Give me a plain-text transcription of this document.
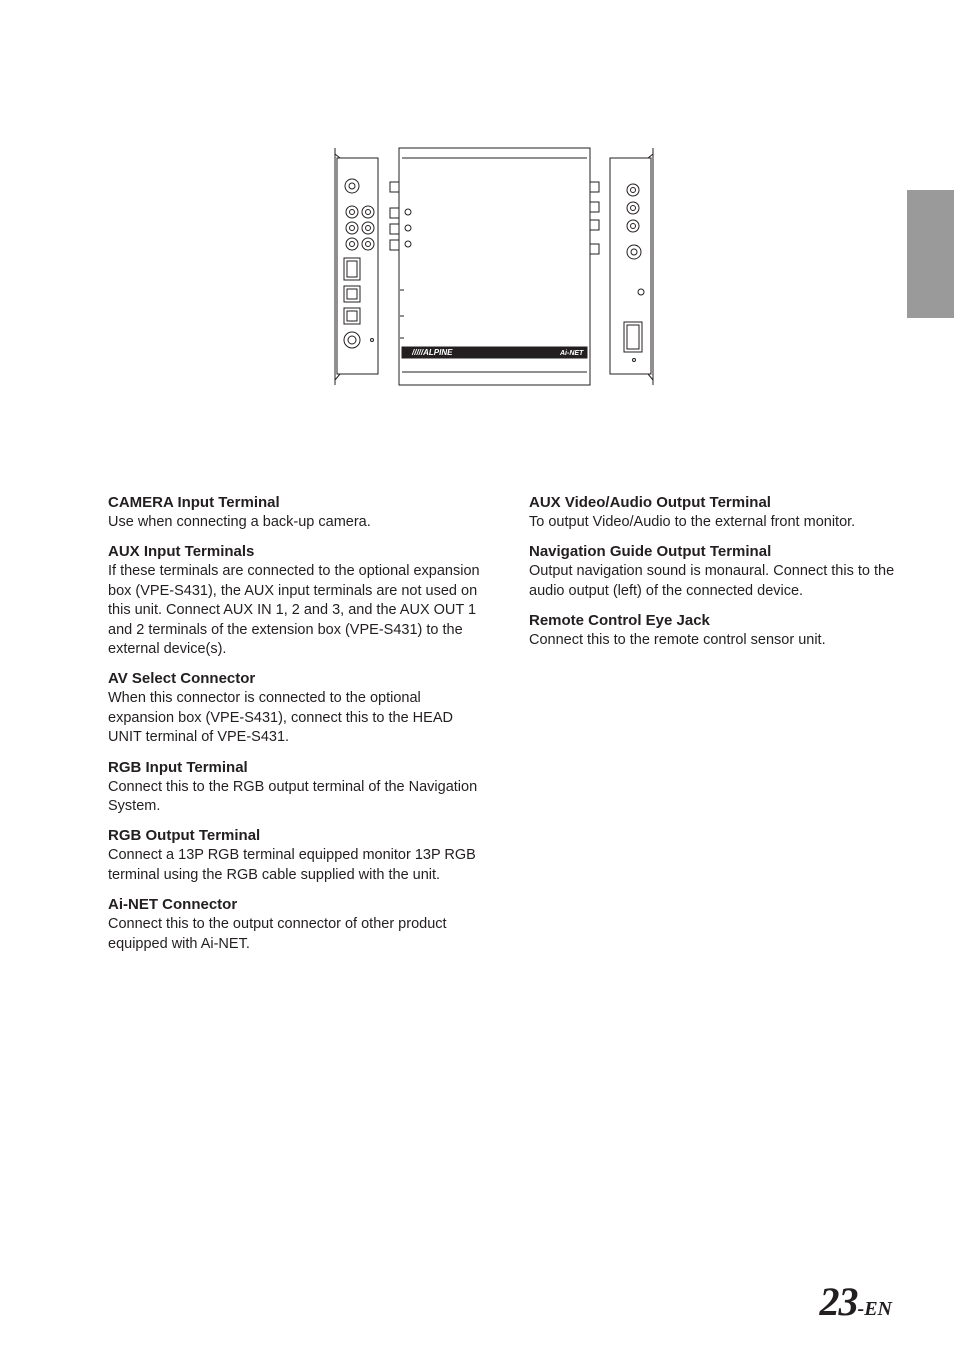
/////ALPINE	Ai-NET
CAMERA Input Terminal

Use when connecting a back-up camera.

AUX Input Terminals

If these terminals are connected to the optional expansion box (VPE-S431), the AUX input terminals are not used on this unit. Connect AUX IN 1, 2 and 3, and the AUX OUT 1 and 2 terminals of the extension box (VPE-S431) to the external device(s).

AV Select Connector

When this connector is connected to the optional expansion box (VPE-S431), connect this to the HEAD UNIT terminal of VPE-S431.

RGB Input Terminal

Connect this to the RGB output terminal of the Navigation System.

RGB Output Terminal

Connect a 13P RGB terminal equipped monitor 13P RGB terminal using the RGB cable supplied with the unit.

Ai-NET Connector

Connect this to the output connector of other product equipped with Ai-NET.

AUX Video/Audio Output Terminal

To output Video/Audio to the external front monitor.

Navigation Guide Output Terminal

Output navigation sound is monaural. Connect this to the audio output (left) of the connected device.

Remote Control Eye Jack

Connect this to the remote control sensor unit.

23-EN
